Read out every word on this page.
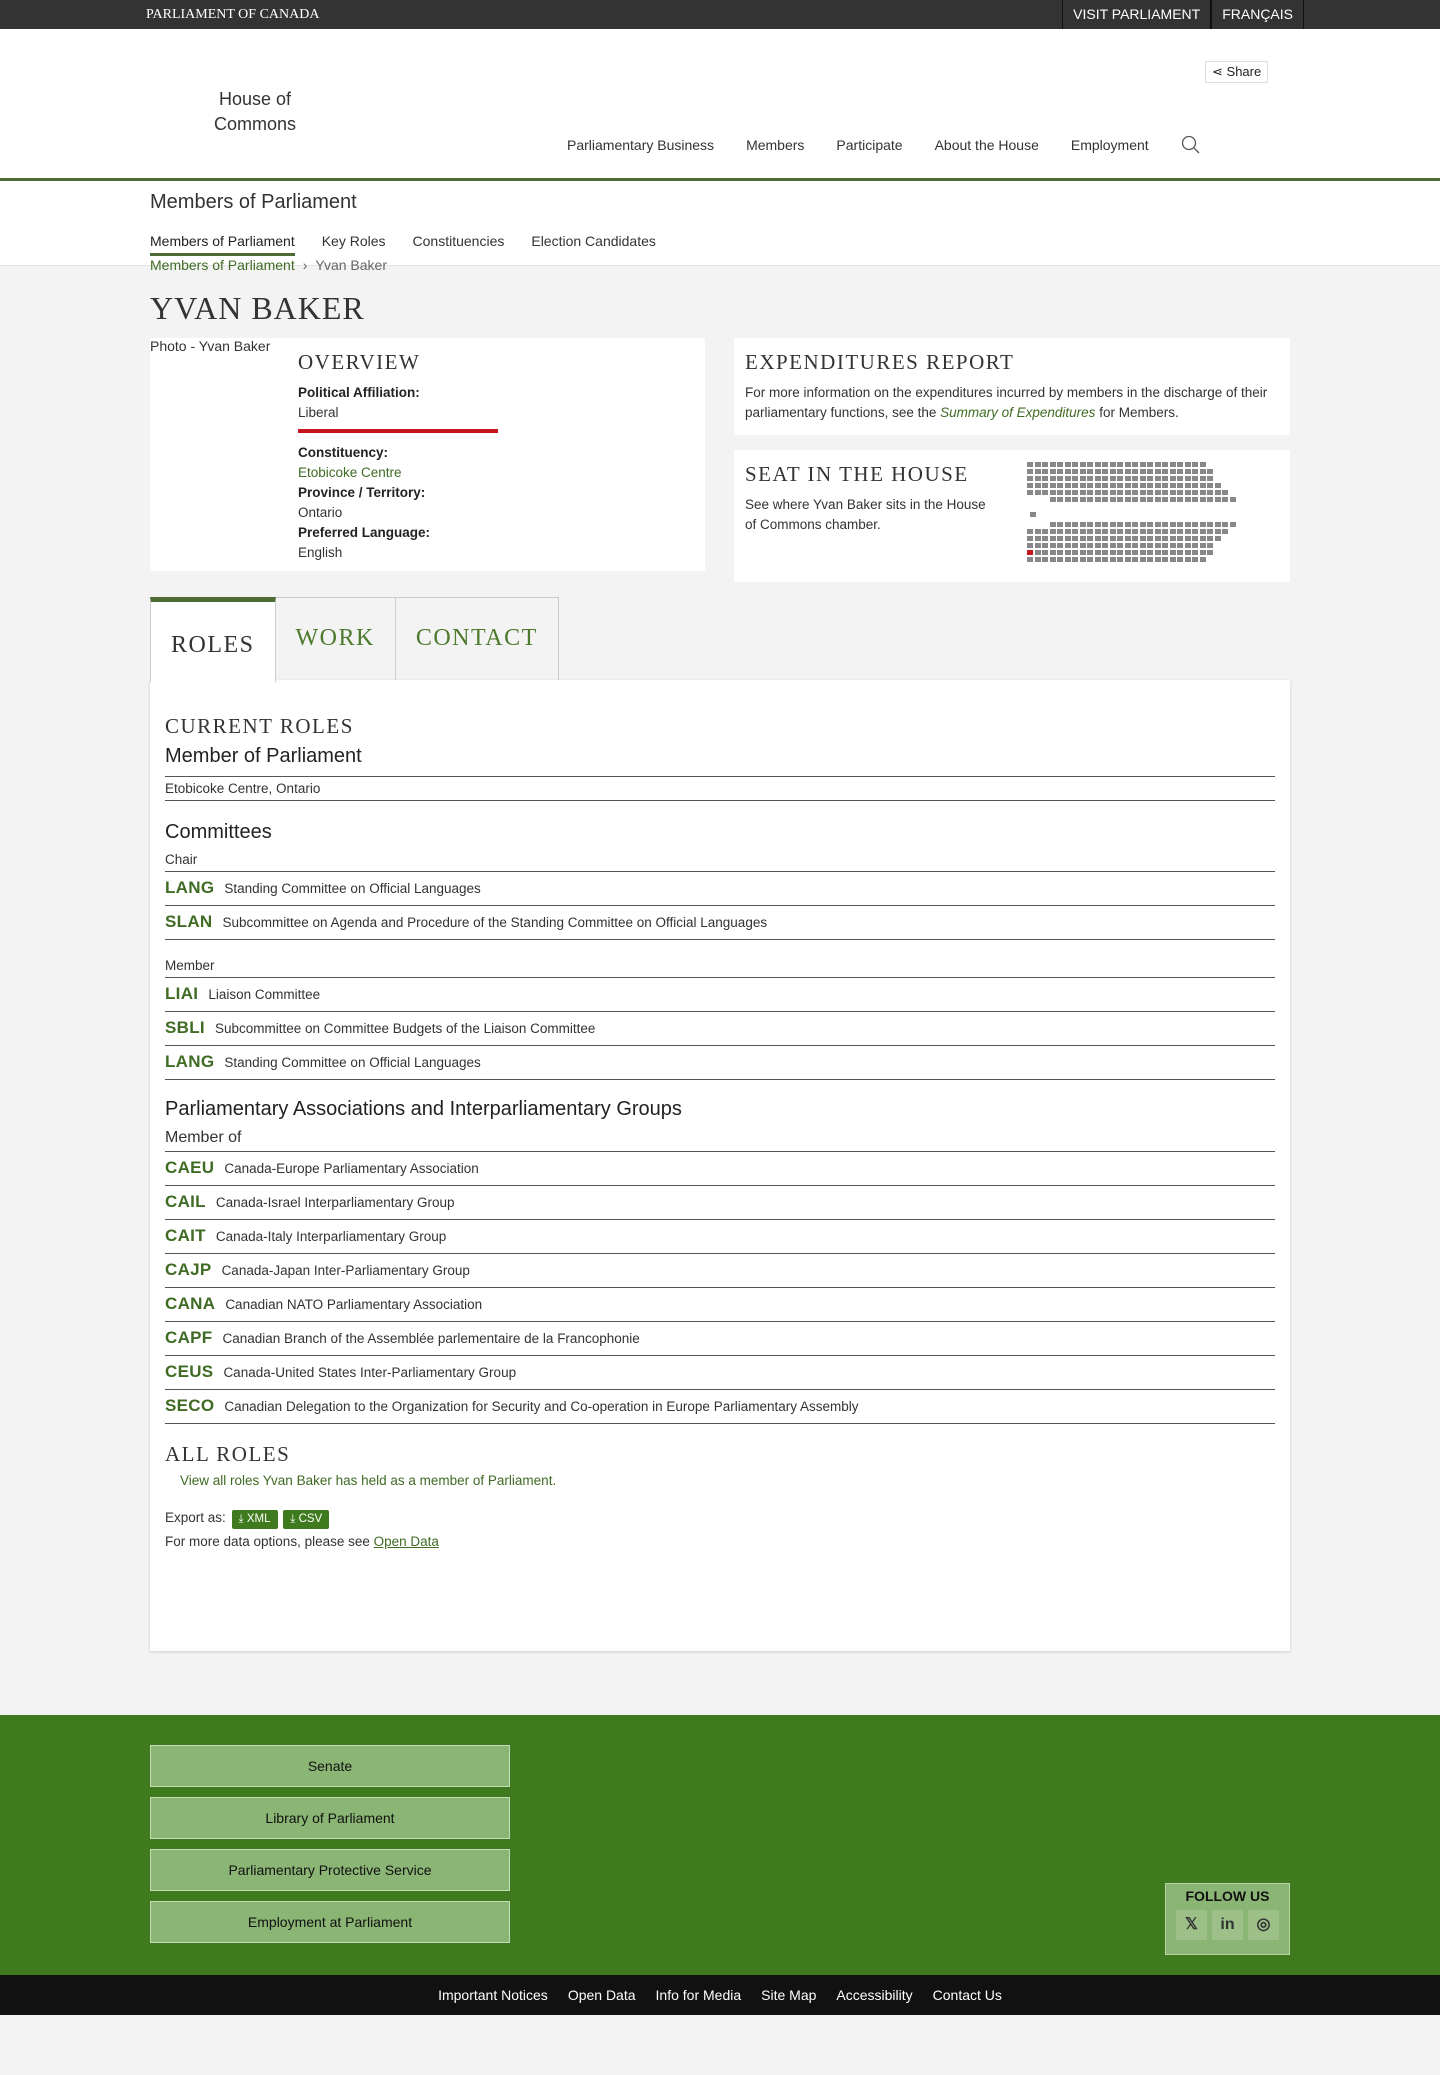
PARLIAMENT OF CANADA	VISIT PARLIAMENT	FRANÇAIS
⋖ Share
House of Commons
Parliamentary Business Members Participate About the House Employment
Members of Parliament
Members of Parliament Key Roles Constituencies Election Candidates
Members of Parliament › Yvan Baker
YVAN BAKER
Photo - Yvan Baker
OVERVIEW
Political Affiliation:
Liberal
Constituency:
Etobicoke Centre
Province / Territory:
Ontario
Preferred Language:
English
EXPENDITURES REPORT

For more information on the expenditures incurred by members in the discharge of their parliamentary functions, see the Summary of Expenditures for Members.

SEAT IN THE HOUSE

See where Yvan Baker sits in the House of Commons chamber.

ROLES	WORK	CONTACT
CURRENT ROLES
Member of Parliament
Etobicoke Centre, Ontario
Committees
Chair
LANG Standing Committee on Official Languages
SLAN Subcommittee on Agenda and Procedure of the Standing Committee on Official Languages
Member
LIAI Liaison Committee
SBLI Subcommittee on Committee Budgets of the Liaison Committee
LANG Standing Committee on Official Languages
Parliamentary Associations and Interparliamentary Groups
Member of
CAEU Canada-Europe Parliamentary Association
CAIL Canada-Israel Interparliamentary Group
CAIT Canada-Italy Interparliamentary Group
CAJP Canada-Japan Inter-Parliamentary Group
CANA Canadian NATO Parliamentary Association
CAPF Canadian Branch of the Assemblée parlementaire de la Francophonie
CEUS Canada-United States Inter-Parliamentary Group
SECO Canadian Delegation to the Organization for Security and Co-operation in Europe Parliamentary Assembly
ALL ROLES
View all roles Yvan Baker has held as a member of Parliament.
Export as: ⤓ XML ⤓ CSV
For more data options, please see Open Data
Senate
Library of Parliament
Parliamentary Protective Service
Employment at Parliament
FOLLOW US
𝕏	in	◎
Important Notices Open Data Info for Media Site Map Accessibility Contact Us
